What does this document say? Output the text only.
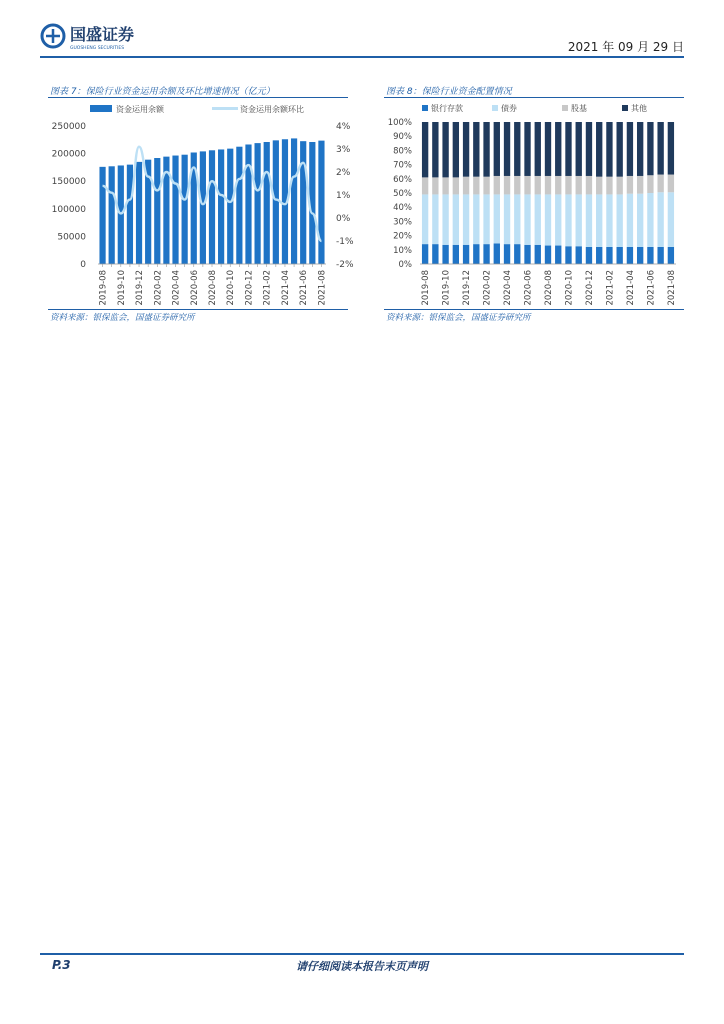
国盛证券
GUOSHENG SECURITIES	2021 年 09 月 29 日
图表 7：保险行业资金运用余额及环比增速情况（亿元）
资金运用余额	资金运用余额环比
0
50000
100000
150000
200000
250000
-2%
-1%
0%
1%
2%
3%
4%
2019-08 2019-10 2019-12 2020-02 2020-04 2020-06 2020-08 2020-10 2020-12 2021-02 2021-04 2021-06 2021-08
资料来源：银保监会，国盛证券研究所
图表 8：保险行业资金配置情况
银行存款	债券	股基	其他
0%
10%
20%
30%
40%
50%
60%
70%
80%
90%
100%
2019-08 2019-10 2019-12 2020-02 2020-04 2020-06 2020-08 2020-10 2020-12 2021-02 2021-04 2021-06 2021-08
资料来源：银保监会，国盛证券研究所
P.3	请仔细阅读本报告末页声明
